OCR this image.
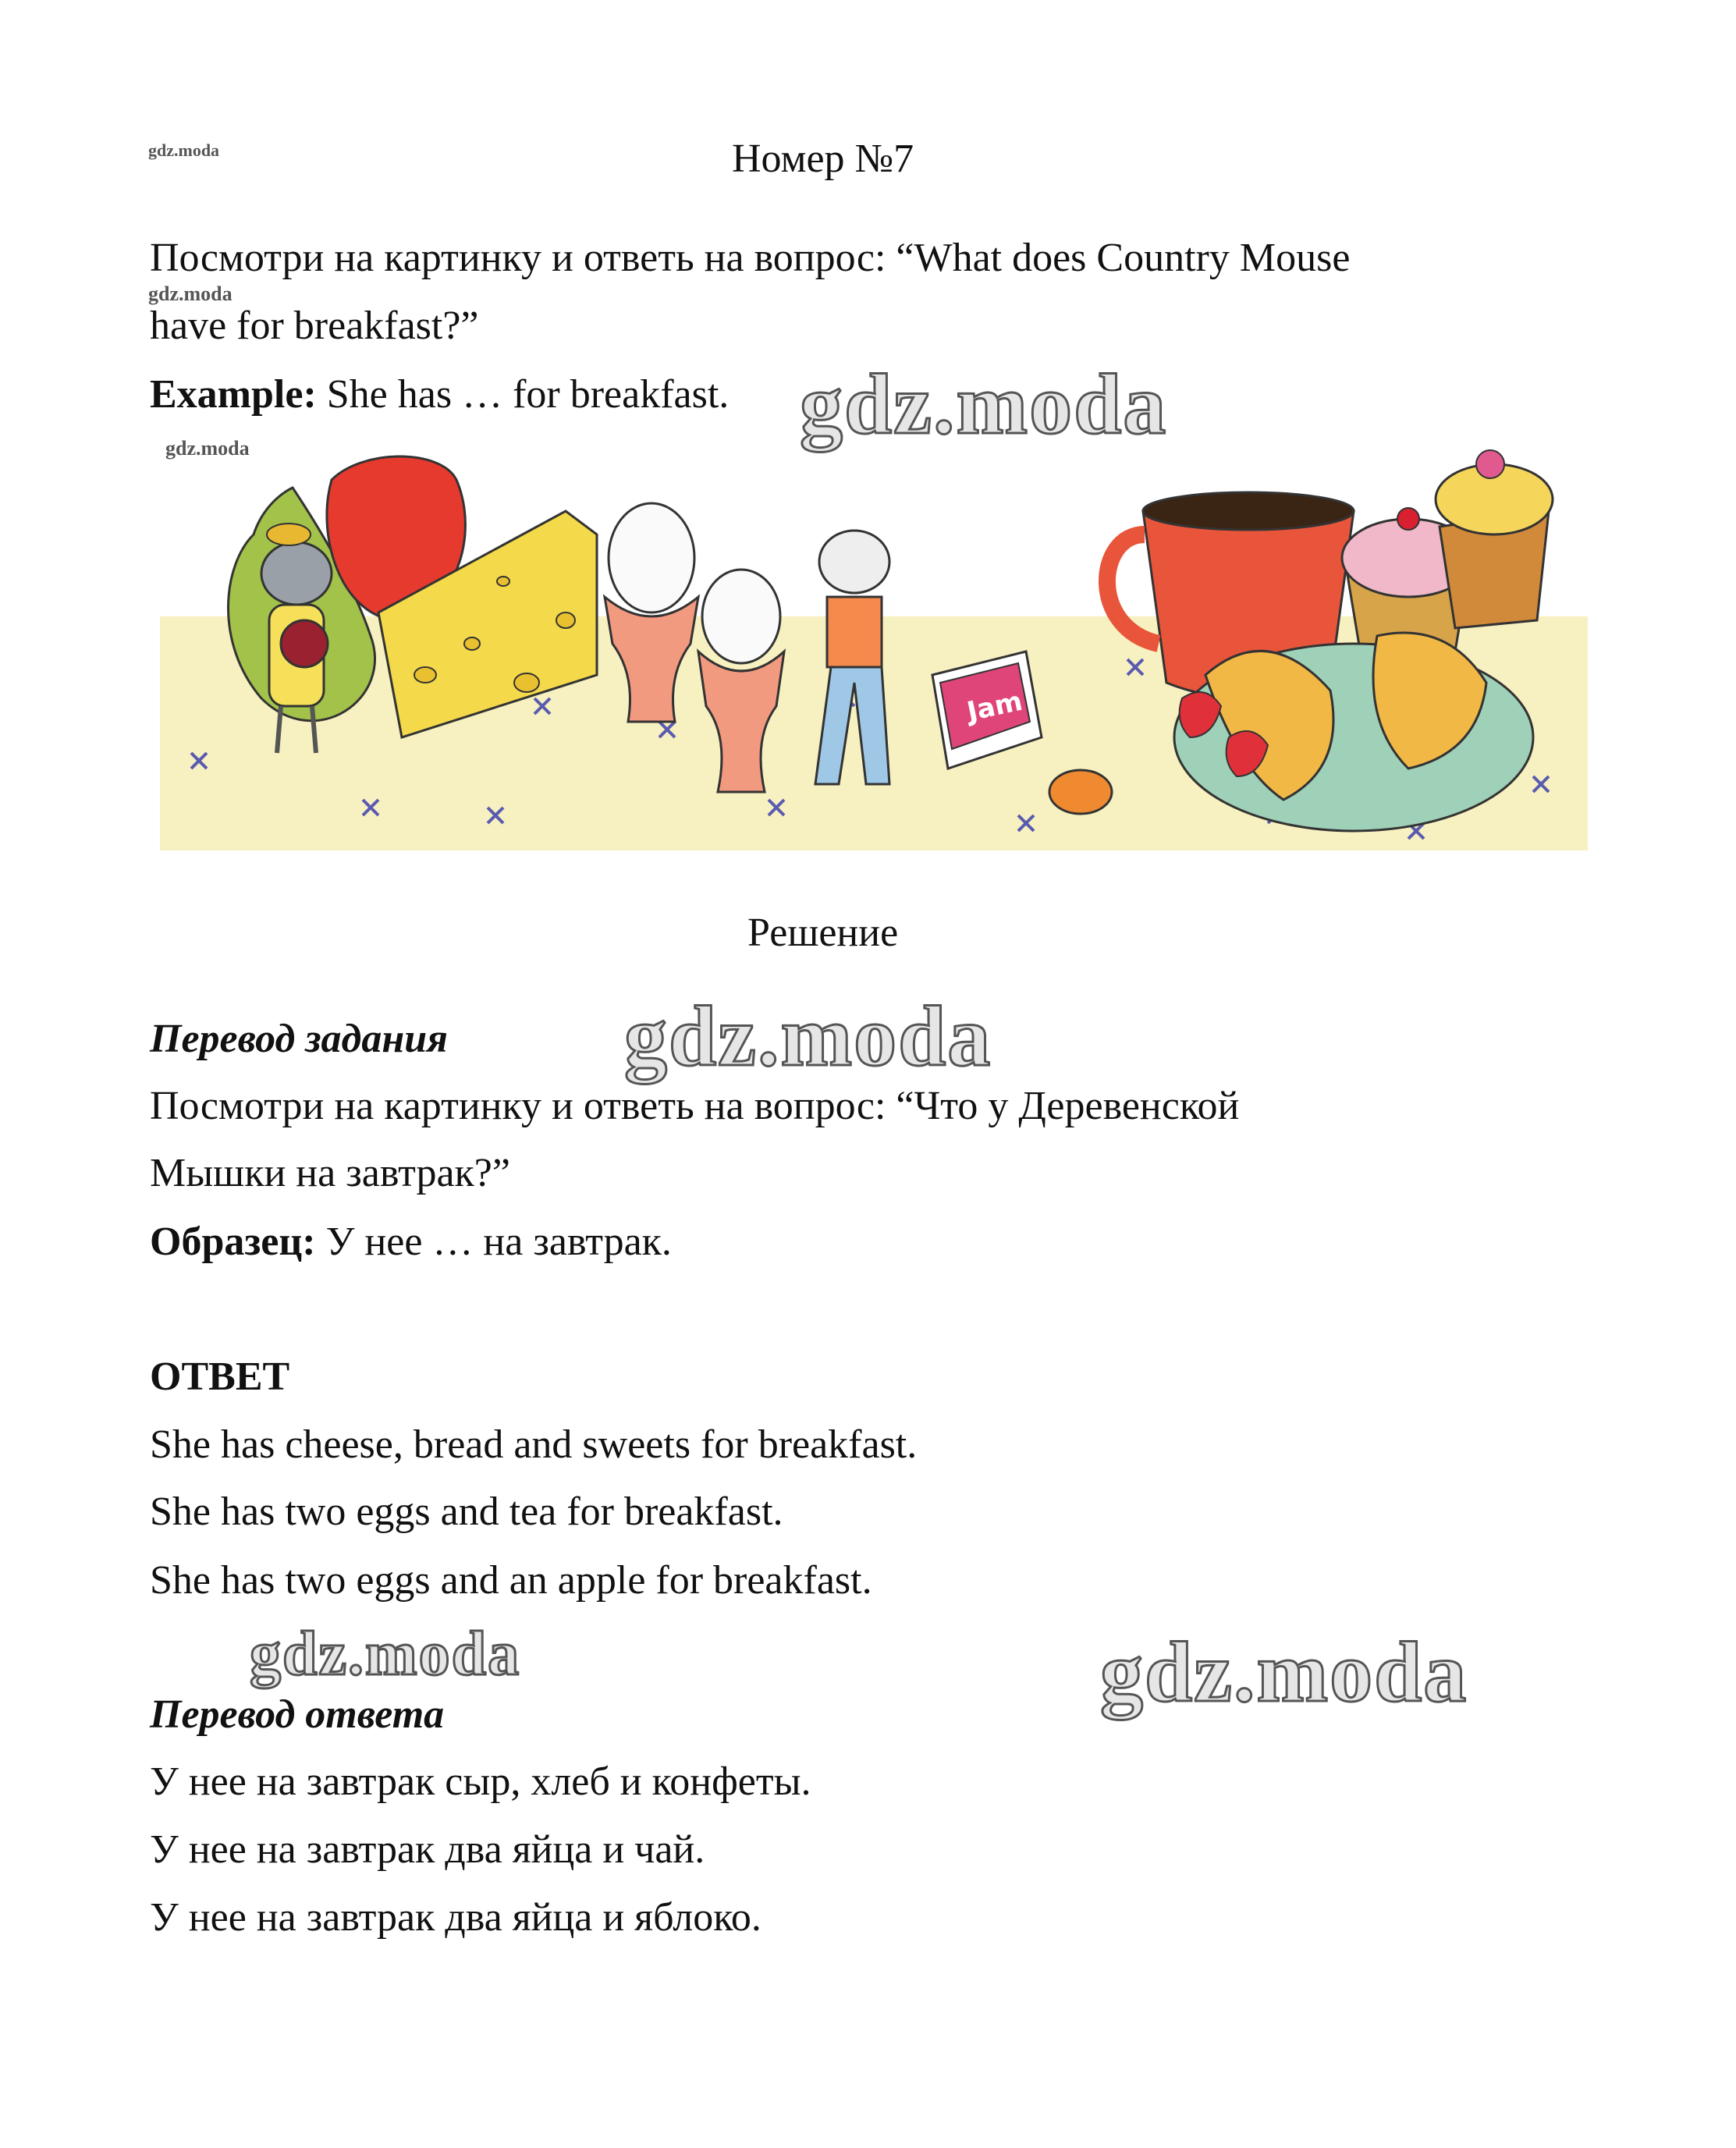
gdz.moda
gdz.moda
gdz.moda
Номер №7
Посмотри на картинку и ответь на вопрос: “What does Country Mouse
have for breakfast?”
Example: She has … for breakfast. gdz.moda
Jam
Решение
Перевод задания gdz.moda
Посмотри на картинку и ответь на вопрос: “Что у Деревенской
Мышки на завтрак?”
Образец: У нее … на завтрак.
ОТВЕТ
She has cheese, bread and sweets for breakfast.
She has two eggs and tea for breakfast.
She has two eggs and an apple for breakfast.
gdz.moda	gdz.moda
Перевод ответа
У нее на завтрак сыр, хлеб и конфеты.
У нее на завтрак два яйца и чай.
У нее на завтрак два яйца и яблоко.
